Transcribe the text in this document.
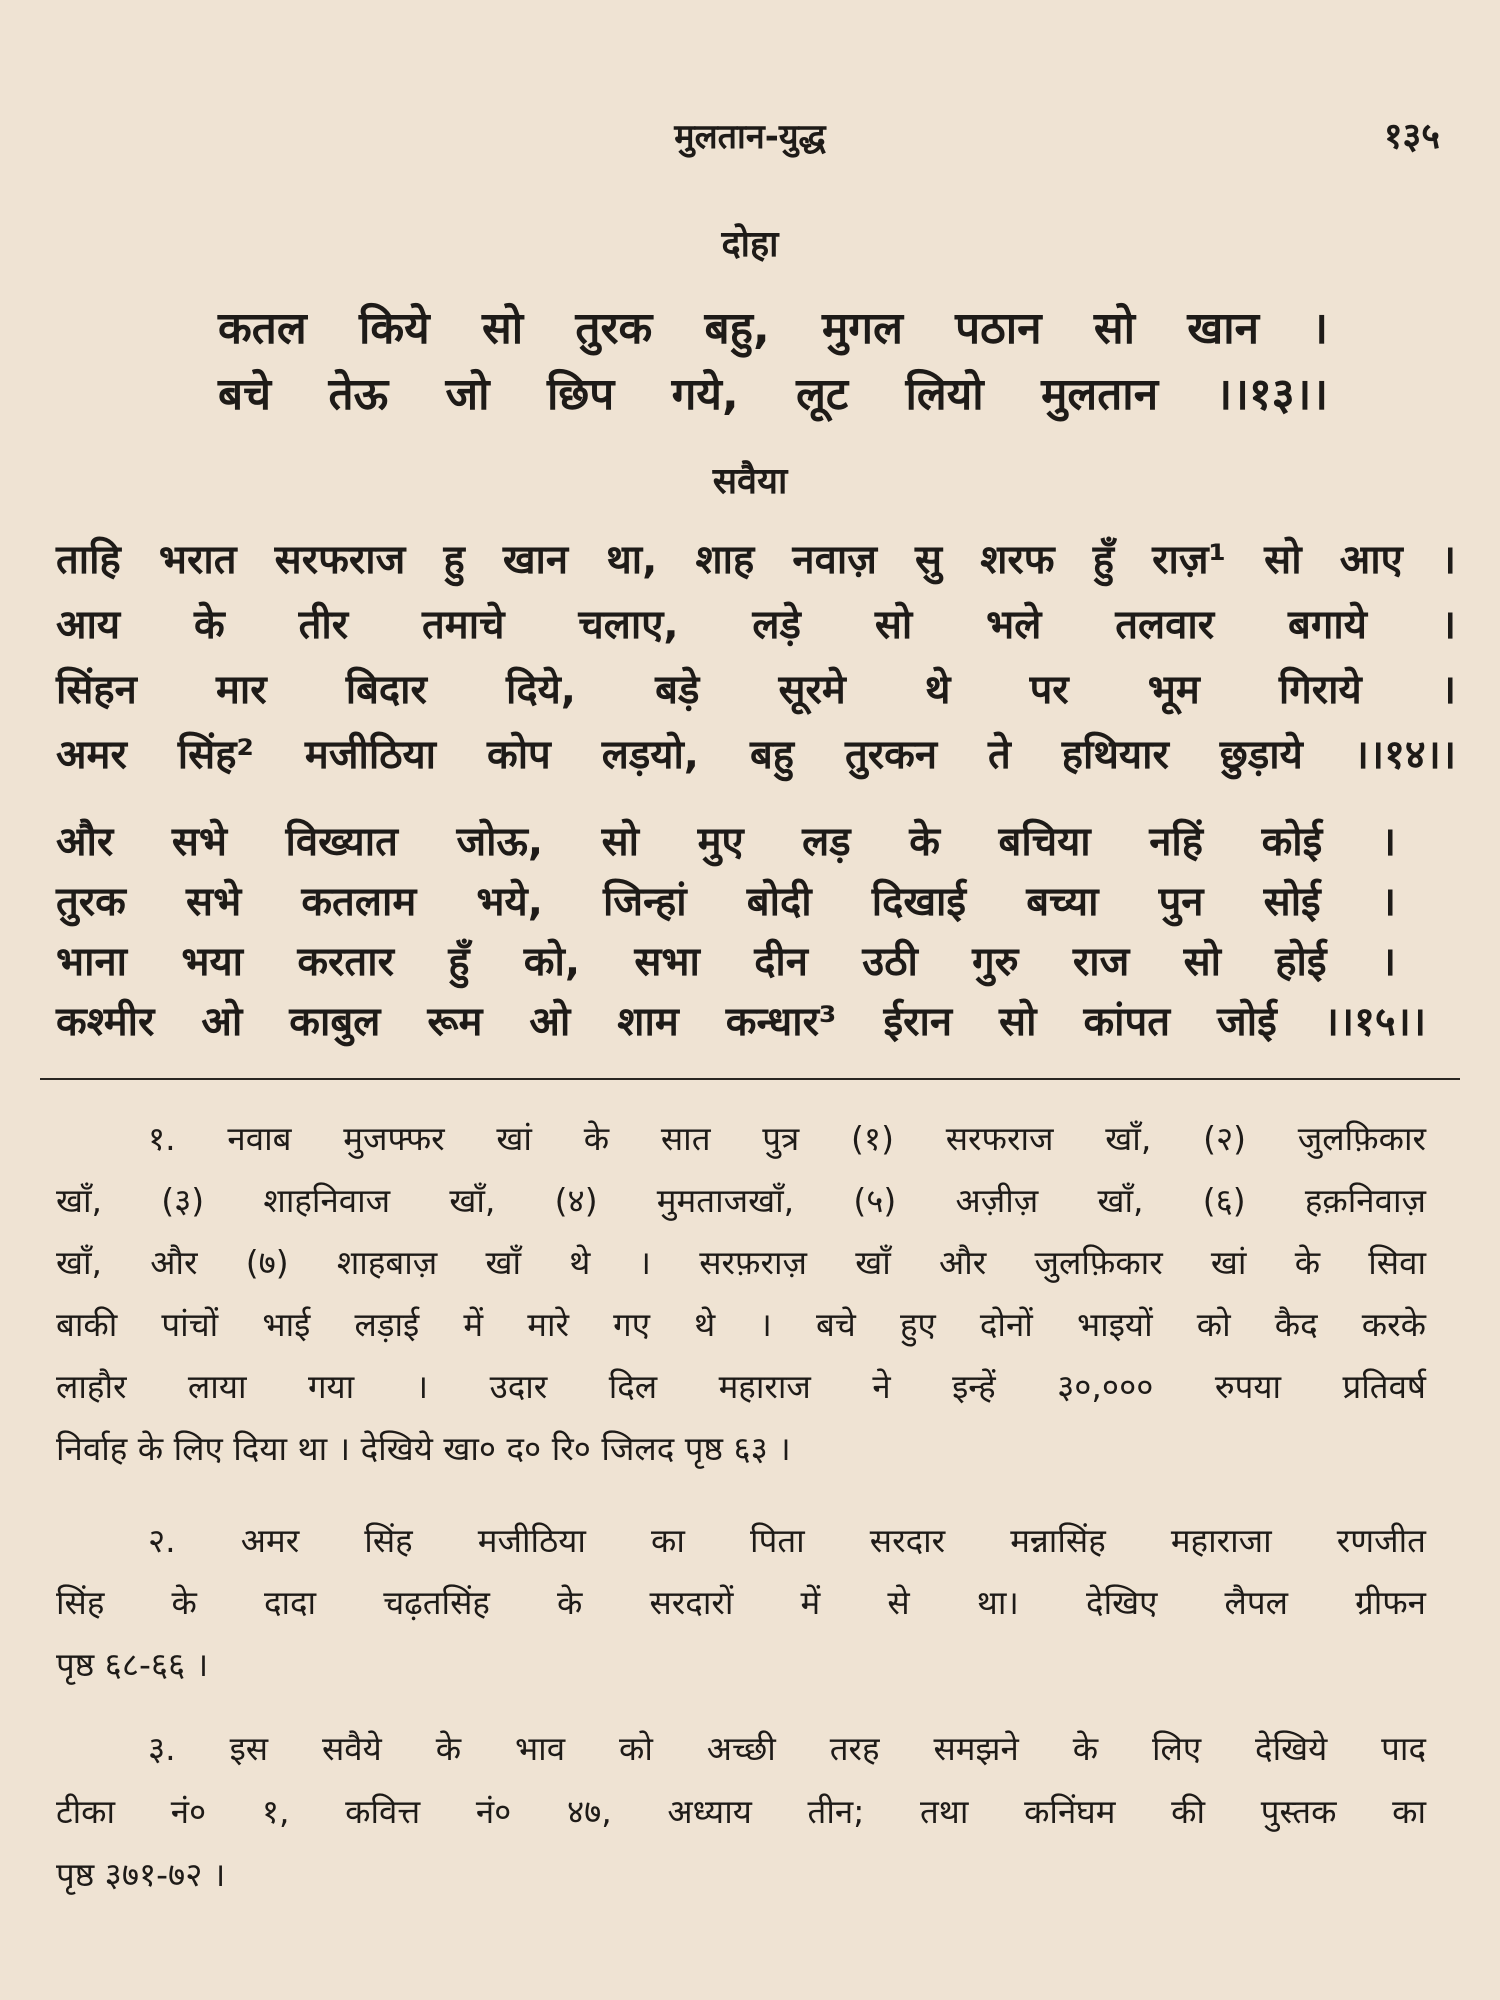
मुलतान-युद्ध	१३५
दोहा
कतल किये सो तुरक बहु, मुगल पठान सो खान ।
बचे तेऊ जो छिप गये, लूट लियो मुलतान ।।१३।।
सवैया
ताहि भरात सरफराज हु खान था, शाह नवाज़ सु शरफ हुँ राज़¹ सो आए ।
आय के तीर तमाचे चलाए, लड़े सो भले तलवार बगाये ।
सिंहन मार बिदार दिये, बड़े सूरमे थे पर भूम गिराये ।
अमर सिंह² मजीठिया कोप लड़यो, बहु तुरकन ते हथियार छुड़ाये ।।१४।।
और सभे विख्यात जोऊ, सो मुए लड़ के बचिया नहिं कोई ।
तुरक सभे कतलाम भये, जिन्हां बोदी दिखाई बच्या पुन सोई ।
भाना भया करतार हुँ को, सभा दीन उठी गुरु राज सो होई ।
कश्मीर ओ काबुल रूम ओ शाम कन्धार³ ईरान सो कांपत जोई ।।१५।।
१. नवाब मुजफ्फर खां के सात पुत्र (१) सरफराज खाँ, (२) जुलफ़िकार
खाँ, (३) शाहनिवाज खाँ, (४) मुमताजखाँ, (५) अज़ीज़ खाँ, (६) हक़निवाज़
खाँ, और (७) शाहबाज़ खाँ थे । सरफ़राज़ खाँ और जुलफ़िकार खां के सिवा
बाकी पांचों भाई लड़ाई में मारे गए थे । बचे हुए दोनों भाइयों को कैद करके
लाहौर लाया गया । उदार दिल महाराज ने इन्हें ३०,००० रुपया प्रतिवर्ष
निर्वाह के लिए दिया था । देखिये खा० द० रि० जिलद पृष्ठ ६३ ।
२. अमर सिंह मजीठिया का पिता सरदार मन्नासिंह महाराजा रणजीत
सिंह के दादा चढ़तसिंह के सरदारों में से था। देखिए लैपल ग्रीफन
पृष्ठ ६८-६६ ।
३. इस सवैये के भाव को अच्छी तरह समझने के लिए देखिये पाद
टीका नं० १, कवित्त नं० ४७, अध्याय तीन; तथा कनिंघम की पुस्तक का
पृष्ठ ३७१-७२ ।
